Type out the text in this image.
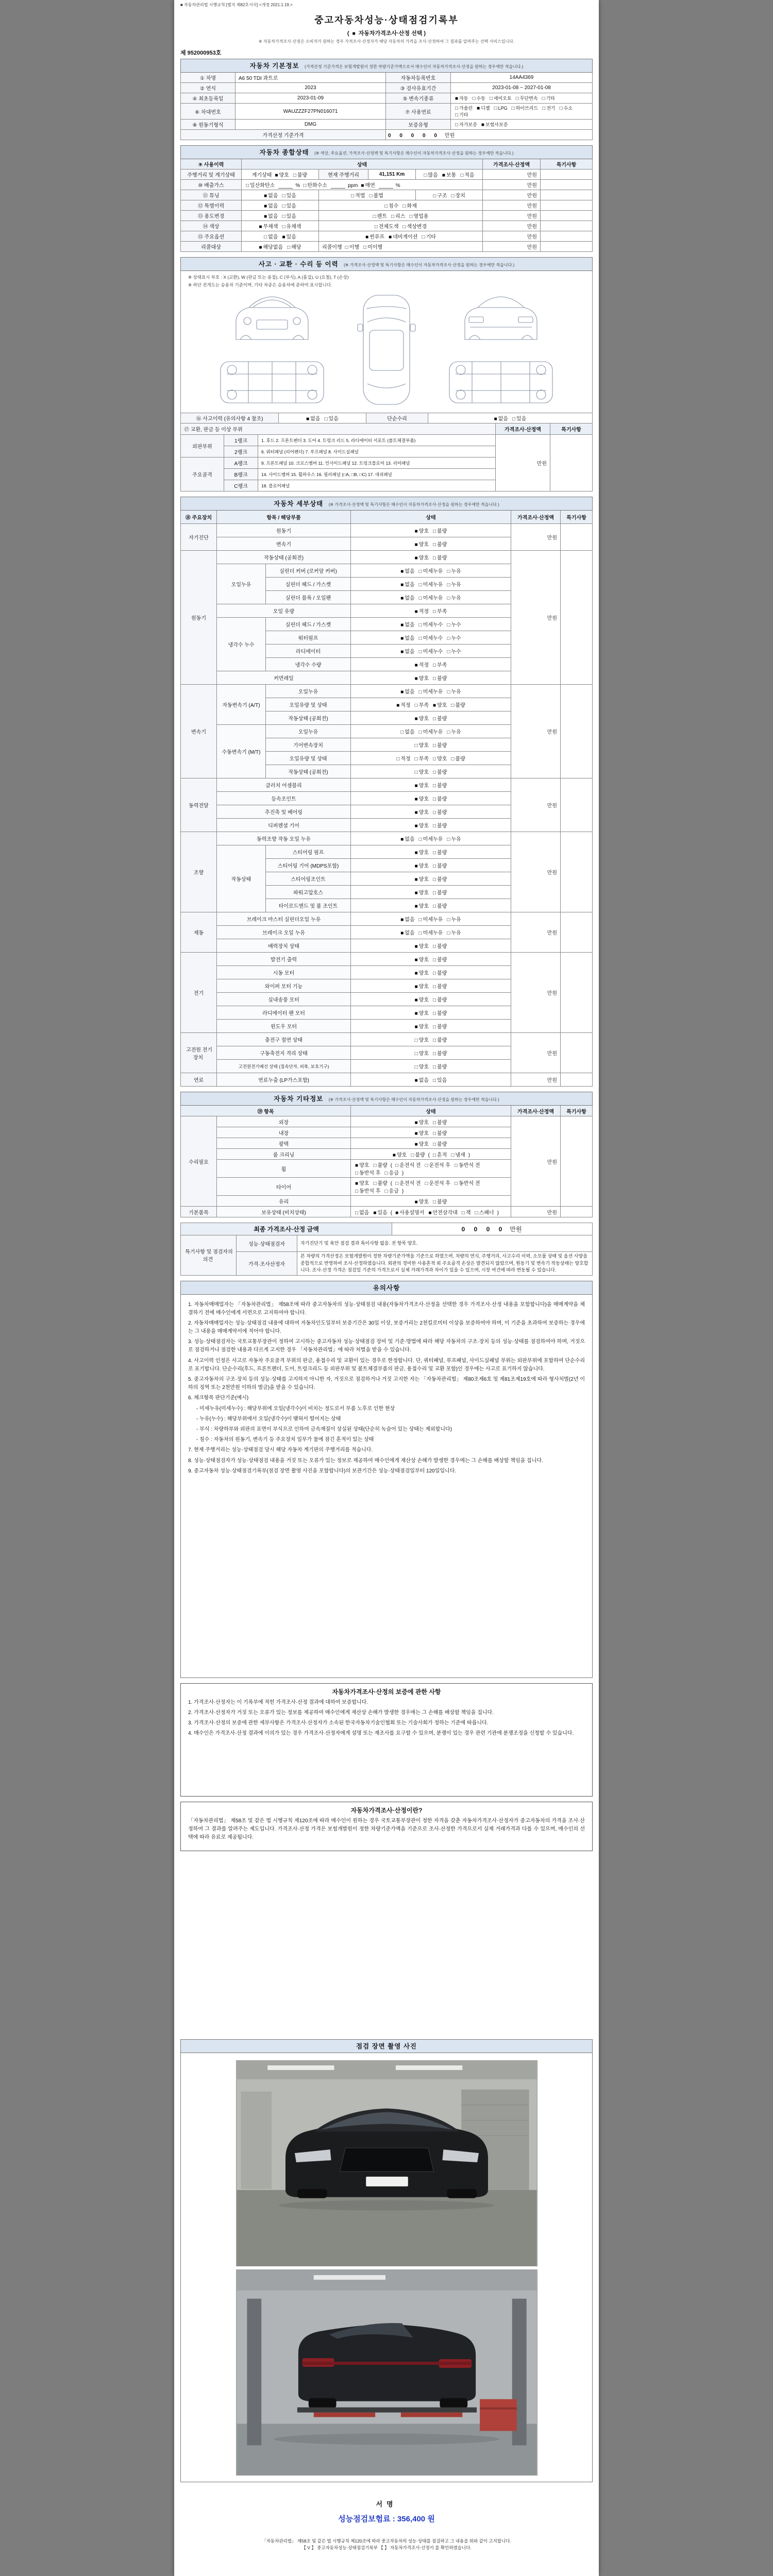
■ 자동차관리법 시행규칙 [별지 제82호서식] <개정 2021.1.19.>
중고자동차성능·상태점검기록부
( ■ 자동차가격조사·산정 선택 )
※ 자동차가격조사·산정은 소비자가 원하는 경우 가격조사·산정자가 해당 자동차의 가격을 조사·산정하여 그 결과를 알려주는 선택 서비스입니다.
제 952000953호
자동차 기본정보 (가격산정 기준가격은 보험개발원이 정한 차량기준가액으로서 매수인이 자동차가격조사·산정을 원하는 경우에만 적습니다.)
① 차명	A6 50 TDI 콰트로	자동차등록번호	14AA4369
② 연식	2023	③ 검사유효기간	2023-01-08 ~ 2027-01-08
④ 최초등록일	2023-01-09	⑤ 변속기종류	■ 자동 □ 수동 □ 세미오토 □ 무단변속 □ 기타
⑥ 차대번호	WAUZZZF27PN016071	⑦ 사용연료	□ 가솔린 ■ 디젤 □ LPG □ 하이브리드 □ 전기 □ 수소□ 기타
⑧ 원동기형식	DMG	보증유형	□ 자가보증 ■ 보험사보증
가격산정 기준가격		0 0 0 0 0 만원	
자동차 종합상태 (※ 색상, 주요옵션, 가격조사·산정액 및 특기사항은 매수인이 자동차가격조사·산정을 원하는 경우에만 적습니다.)
⑨ 사용이력	상태				가격조사·산정액	특기사항
주행거리 및 계기상태	계기상태 ■ 양호 □ 불량	현재 주행거리	41,151 Km	□ 많음 ■ 보통 □ 적음	만원	
⑩ 배출가스	□ 일산화탄소 % □ 탄화수소 ppm ■ 매연 %				만원	
⑪ 튜닝	■ 없음 □ 있음	□ 적법 □ 불법		□ 구조 □ 장치	만원	
⑫ 특별이력	■ 없음 □ 있음	□ 침수 □ 화재			만원	
⑬ 용도변경	■ 없음 □ 있음	□ 렌트 □ 리스 □ 영업용			만원	
⑭ 색상	■ 무채색 □ 유채색	□ 전체도색 □ 색상변경			만원	
⑮ 주요옵션	□ 없음 ■ 있음	■ 썬루프 ■ 네비게이션 □ 기타			만원	
리콜대상	■ 해당없음 □ 해당	리콜이행 □ 이행 □ 미이행			만원	
사고 · 교환 · 수리 등 이력 (※ 가격조사·산정액 및 특기사항은 매수인이 자동차가격조사·산정을 원하는 경우에만 적습니다.)
※ 상태표시 부호 : X (교환), W (판금 또는 용접), C (부식), A (흠집), U (요철), T (손상)
※ 하단 전개도는 승용차 기준이며, 기타 차종은 승용차에 준하여 표시합니다.
⑯ 사고이력 (유의사항 4 참조)	■ 없음 □ 있음	단순수리	■ 없음 □ 있음
⑰ 교환, 판금 등 이상 부위			가격조사·산정액	특기사항
외판부위	1랭크	1. 후드 2. 프론트펜더 3. 도어 4. 트렁크 리드 5. 라디에이터 서포트 (볼트체결부품)	만원	
	2랭크	6. 쿼터패널 (리어펜더) 7. 루프패널 8. 사이드실패널		
주요골격	A랭크	9. 프론트패널 10. 크로스멤버 11. 인사이드패널 12. 트렁크플로어 13. 리어패널		
	B랭크	14. 사이드멤버 15. 휠하우스 16. 필러패널 (□A, □B, □C) 17. 대쉬패널		
	C랭크	18. 플로어패널		
자동차 세부상태 (※ 가격조사·산정액 및 특기사항은 매수인이 자동차가격조사·산정을 원하는 경우에만 적습니다.)
⑱ 주요장치	항목 / 해당부품		상태	가격조사·산정액	특기사항
자기진단	원동기		■ 양호 □ 불량	만원	
	변속기		■ 양호 □ 불량		
원동기	작동상태 (공회전)		■ 양호 □ 불량	만원	
	오일누유	실린더 커버 (로커암 커버)	■ 없음 □ 미세누유 □ 누유		
		실린더 헤드 / 가스켓	■ 없음 □ 미세누유 □ 누유		
		실린더 블록 / 오일팬	■ 없음 □ 미세누유 □ 누유		
	오일 유량		■ 적정 □ 부족		
	냉각수 누수	실린더 헤드 / 가스켓	■ 없음 □ 미세누수 □ 누수		
		워터펌프	■ 없음 □ 미세누수 □ 누수		
		라디에이터	■ 없음 □ 미세누수 □ 누수		
		냉각수 수량	■ 적정 □ 부족		
	커먼레일		■ 양호 □ 불량		
변속기	자동변속기 (A/T)	오일누유	■ 없음 □ 미세누유 □ 누유	만원	
		오일유량 및 상태	■ 적정 □ 부족 ■ 양호 □ 불량		
		작동상태 (공회전)	■ 양호 □ 불량		
	수동변속기 (M/T)	오일누유	□ 없음 □ 미세누유 □ 누유		
		기어변속장치	□ 양호 □ 불량		
		오일유량 및 상태	□ 적정 □ 부족 □ 양호 □ 불량		
		작동상태 (공회전)	□ 양호 □ 불량		
동력전달	클러치 어셈블리		■ 양호 □ 불량	만원	
	등속조인트		■ 양호 □ 불량		
	추진축 및 베어링		■ 양호 □ 불량		
	디퍼렌셜 기어		■ 양호 □ 불량		
조향	동력조향 작동 오일 누유		■ 없음 □ 미세누유 □ 누유	만원	
	작동상태	스티어링 펌프	■ 양호 □ 불량		
		스티어링 기어 (MDPS포함)	■ 양호 □ 불량		
		스티어링조인트	■ 양호 □ 불량		
		파워고압호스	■ 양호 □ 불량		
		타이로드엔드 및 볼 조인트	■ 양호 □ 불량		
제동	브레이크 마스터 실린더오일 누유		■ 없음 □ 미세누유 □ 누유	만원	
	브레이크 오일 누유		■ 없음 □ 미세누유 □ 누유		
	배력장치 상태		■ 양호 □ 불량		
전기	발전기 출력		■ 양호 □ 불량	만원	
	시동 모터		■ 양호 □ 불량		
	와이퍼 모터 기능		■ 양호 □ 불량		
	실내송풍 모터		■ 양호 □ 불량		
	라디에이터 팬 모터		■ 양호 □ 불량		
	윈도우 모터		■ 양호 □ 불량		
고전원 전기장치	충전구 절연 상태		□ 양호 □ 불량	만원	
	구동축전지 격리 상태		□ 양호 □ 불량		
	고전원전기배선 상태 (접속단자, 피복, 보호기구)		□ 양호 □ 불량		
연료	연료누출 (LP가스포함)		■ 없음 □ 있음	만원	
자동차 기타정보 (※ 가격조사·산정액 및 특기사항은 매수인이 자동차가격조사·산정을 원하는 경우에만 적습니다.)
⑲ 항목		상태	가격조사·산정액	특기사항
수리필요	외장	■ 양호 □ 불량	만원	
	내장	■ 양호 □ 불량		
	광택	■ 양호 □ 불량		
	룸 크리닝	■ 양호 □ 불량 ( □ 흔적 □ 냄새 )		
	휠	■ 양호 □ 불량 ( □ 운전석 전 □ 운전석 후 □ 동반석 전□ 동반석 후 □ 응급 )		
	타이어	■ 양호 □ 불량 ( □ 운전석 전 □ 운전석 후 □ 동반석 전□ 동반석 후 □ 응급 )		
	유리	■ 양호 □ 불량		
기본품목	보유상태 (비치상태)	□ 없음 ■ 있음 ( ■ 사용설명서 ■ 안전삼각대 □ 잭 □ 스패너 )	만원	
최종 가격조사·산정 금액	0 0 0 0 만원
특기사항 및 점검자의 의견	성능·상태점검자	자기진단기 및 육안 점검 결과 특이사항 없음. 전 항목 양호.

	가격·조사산정자	본 차량의 가격산정은 보험개발원이 정한 차량기준가액을 기준으로 하였으며, 차량의 연식, 주행거리, 사고수리 이력, 소모품 상태 및 옵션 사양을 종합적으로 반영하여 조사·산정하였습니다. 외판의 경미한 사용흔적 외 주요골격 손상은 발견되지 않았으며, 원동기 및 변속기 작동상태는 양호합니다. 조사·산정 가격은 점검일 기준의 가격으로서 실제 거래가격과 차이가 있을 수 있으며, 시장 여건에 따라 변동될 수 있습니다.
유의사항
1. 자동차매매업자는 「자동차관리법」 제58조에 따라 중고자동차의 성능·상태점검 내용(자동차가격조사·산정을 선택한 경우 가격조사·산정 내용을 포함합니다)을 매매계약을 체결하기 전에 매수인에게 서면으로 고지하여야 합니다.
2. 자동차매매업자는 성능·상태점검 내용에 대하여 자동차인도일부터 보증기간은 30일 이상, 보증거리는 2천킬로미터 이상을 보증하여야 하며, 이 기준을 초과하여 보증하는 경우에는 그 내용을 매매계약서에 적어야 합니다.
3. 성능·상태점검자는 국토교통부장관이 정하여 고시하는 중고자동차 성능·상태점검 장비 및 기준·방법에 따라 해당 자동차의 구조·장치 등의 성능·상태를 점검하여야 하며, 거짓으로 점검하거나 점검한 내용과 다르게 고지한 경우 「자동차관리법」에 따라 처벌을 받을 수 있습니다.
4. 사고이력 인정은 사고로 자동차 주요골격 부위의 판금, 용접수리 및 교환이 있는 경우로 한정합니다. 단, 쿼터패널, 루프패널, 사이드실패널 부위는 외판부위에 포함하여 단순수리로 표기합니다. 단순수리(후드, 프론트펜더, 도어, 트렁크리드 등 외판부위 및 볼트체결부품의 판금, 용접수리 및 교환 포함)인 경우에는 사고로 표기하지 않습니다.
5. 중고자동차의 구조·장치 등의 성능·상태를 고지하지 아니한 자, 거짓으로 점검하거나 거짓 고지한 자는 「자동차관리법」 제80조제6호 및 제81조제19호에 따라 형사처벌(2년 이하의 징역 또는 2천만원 이하의 벌금)을 받을 수 있습니다.
6. 체크항목 판단기준(예시)
- 미세누유(미세누수) : 해당부위에 오일(냉각수)이 비치는 정도로서 부품 노후로 인한 현상
- 누유(누수) : 해당부위에서 오일(냉각수)이 맺혀서 떨어지는 상태
- 부식 : 차량하부와 외판의 표면이 부식으로 인하여 금속재질이 상실된 상태(단순히 녹슬어 있는 상태는 제외합니다)
- 침수 : 자동차의 원동기, 변속기 등 주요장치 일부가 물에 잠긴 흔적이 있는 상태
7. 현재 주행거리는 성능·상태점검 당시 해당 자동차 계기판의 주행거리를 적습니다.
8. 성능·상태점검자가 성능·상태점검 내용을 거짓 또는 오류가 있는 정보로 제공하여 매수인에게 재산상 손해가 발생한 경우에는 그 손해를 배상할 책임을 집니다.
9. 중고자동차 성능·상태점검기록부(점검 장면 촬영 사진을 포함합니다)의 보관기간은 성능·상태점검일부터 120일입니다.
자동차가격조사·산정의 보증에 관한 사항
1. 가격조사·산정자는 이 기록부에 적힌 가격조사·산정 결과에 대하여 보증합니다.
2. 가격조사·산정자가 거짓 또는 오류가 있는 정보를 제공하여 매수인에게 재산상 손해가 발생한 경우에는 그 손해를 배상할 책임을 집니다.
3. 가격조사·산정의 보증에 관한 세부사항은 가격조사·산정자가 소속된 한국자동차기술인협회 또는 기술사회가 정하는 기준에 따릅니다.
4. 매수인은 가격조사·산정 결과에 이의가 있는 경우 가격조사·산정자에게 설명 또는 재조사를 요구할 수 있으며, 분쟁이 있는 경우 관련 기관에 분쟁조정을 신청할 수 있습니다.
자동차가격조사·산정이란?
「자동차관리법」 제58조 및 같은 법 시행규칙 제120조에 따라 매수인이 원하는 경우 국토교통부장관이 정한 자격을 갖춘 자동차가격조사·산정자가 중고자동차의 가격을 조사·산정하여 그 결과를 알려주는 제도입니다. 가격조사·산정 가격은 보험개발원이 정한 차량기준가액을 기준으로 조사·산정한 가격으로서 실제 거래가격과 다를 수 있으며, 매수인의 선택에 따라 유료로 제공됩니다.
점검 장면 촬영 사진
서명
성능점검보험료 : 356,400 원
「자동차관리법」 제58조 및 같은 법 시행규칙 제120조에 따라 중고자동차의 성능·상태를 점검하고 그 내용을 위와 같이 고지합니다.
【 V 】 중고자동차성능·상태점검기록부 【 】 자동차가격조사·산정서 를 확인하였습니다.
